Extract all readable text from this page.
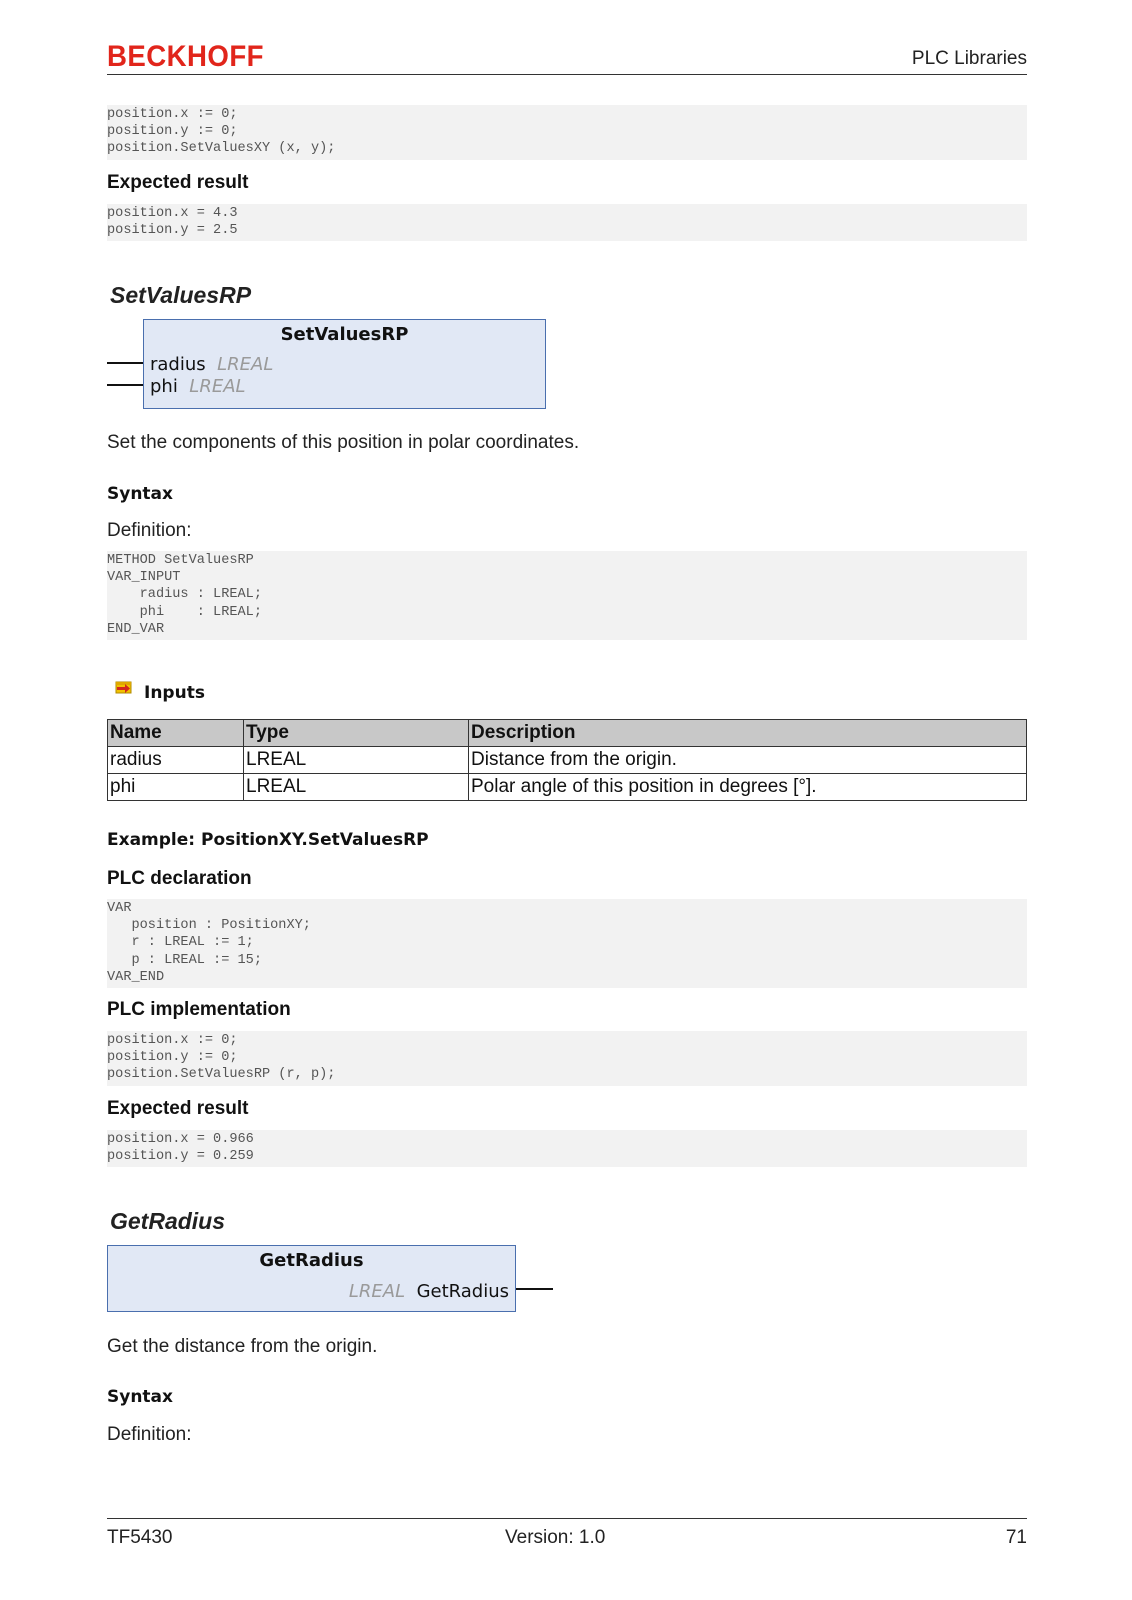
BECKHOFF	PLC Libraries
position.x := 0;
position.y := 0;
position.SetValuesXY (x, y);
Expected result
position.x = 4.3
position.y = 2.5
SetValuesRP
SetValuesRP
radius LREAL
phi LREAL
Set the components of this position in polar coordinates.
Syntax
Definition:
METHOD SetValuesRP
VAR_INPUT
radius : LREAL;
phi    : LREAL;
END_VAR
Inputs
Name	Type	Description
radius	LREAL	Distance from the origin.
phi	LREAL	Polar angle of this position in degrees [°].
Example: PositionXY.SetValuesRP
PLC declaration
VAR
position : PositionXY;
r : LREAL := 1;
p : LREAL := 15;
VAR_END
PLC implementation
position.x := 0;
position.y := 0;
position.SetValuesRP (r, p);
Expected result
position.x = 0.966
position.y = 0.259
GetRadius
GetRadius
LREAL GetRadius
Get the distance from the origin.
Syntax
Definition:
TF5430	Version: 1.0	71
